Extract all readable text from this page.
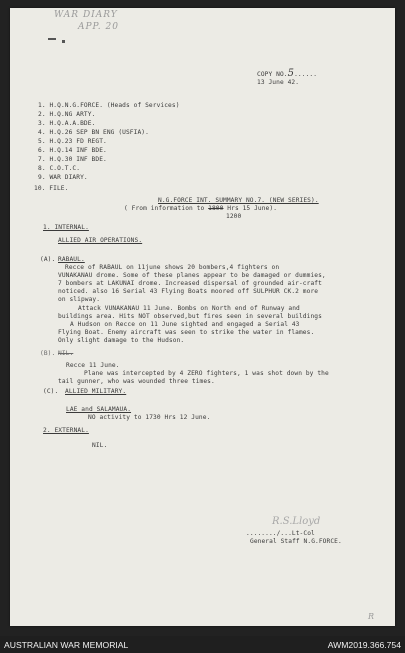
WAR DIARY
APP. 20
COPY NO.5......
13 June 42.
1. H.Q.N.G.FORCE. (Heads of Services)
2. H.Q.NG ARTY.
3. H.Q.A.A.BDE.
4. H.Q.26 SEP BN ENG (USFIA).
5. H.Q.23 FD REGT.
6. H.Q.14 INF BDE.
7. H.Q.30 INF BDE.
8. C.O.T.C.
9. WAR DIARY.
10. FILE.
N.G.FORCE INT. SUMMARY NO.7. (NEW SERIES).
( From information to 1800 Hrs 15 June).
1200
1. INTERNAL.
ALLIED AIR OPERATIONS.
(A). RABAUL.
Recce of RABAUL on 11june shows 20 bombers,4 fighters on
VUNAKANAU drome. Some of these planes appear to be damaged or dummies,
7 bombers at LAKUNAI drome. Increased dispersal of grounded air-craft
noticed. also 16 Serial 43 Flying Boats moored off SULPHUR CK.2 more
on slipway.
Attack VUNAKANAU 11 June. Bombs on North end of Runway and
buildings area. Hits NOT observed,but fires seen in several buildings
A Hudson on Recce on 11 June sighted and engaged a Serial 43
Flying Boat. Enemy aircraft was seen to strike the water in flames.
Only slight damage to the Hudson.
(B). NIL.
Recce 11 June.
Plane was intercepted by 4 ZERO fighters, 1 was shot down by the
tail gunner, who was wounded three times.
(C). ALLIED MILITARY.
LAE and SALAMAUA.
NO activity to 1730 Hrs 12 June.
2. EXTERNAL.
NIL.
R.S.Lloyd
......../...Lt-Col
General Staff N.G.FORCE.
R
AUSTRALIAN WAR MEMORIAL	AWM2019.366.754
